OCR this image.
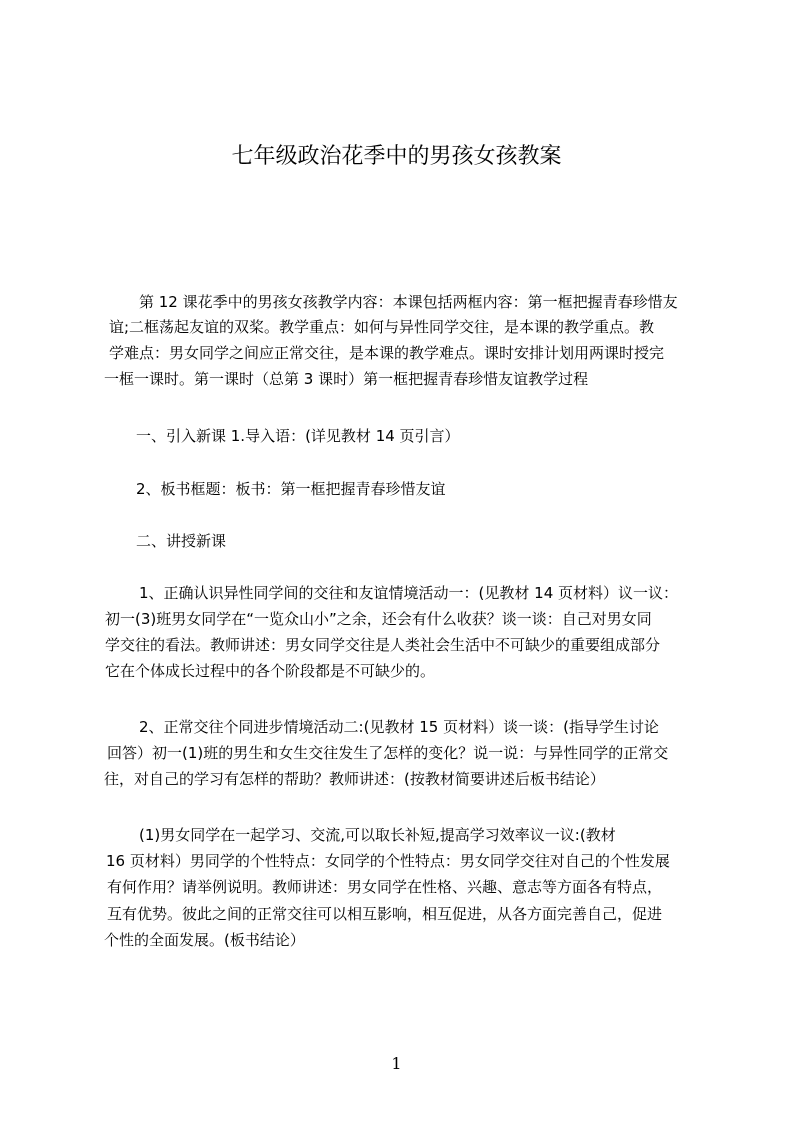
七年级政治花季中的男孩女孩教案

第 12 课花季中的男孩女孩教学内容：本课包括两框内容：第一框把握青春珍惜友

谊;二框荡起友谊的双桨。教学重点：如何与异性同学交往，是本课的教学重点。教

学难点：男女同学之间应正常交往，是本课的教学难点。课时安排计划用两课时授完

一框一课时。第一课时（总第 3 课时）第一框把握青春珍惜友谊教学过程

一、引入新课 1.导入语：(详见教材 14 页引言）

2、板书框题：板书：第一框把握青春珍惜友谊

二、讲授新课

1、正确认识异性同学间的交往和友谊情境活动一：(见教材 14 页材料）议一议：

初一(3)班男女同学在“一览众山小”之余，还会有什么收获？谈一谈：自己对男女同

学交往的看法。教师讲述：男女同学交往是人类社会生活中不可缺少的重要组成部分

它在个体成长过程中的各个阶段都是不可缺少的。

2、正常交往个同进步情境活动二:(见教材 15 页材料）谈一谈：(指导学生讨论

回答）初一(1)班的男生和女生交往发生了怎样的变化？说一说：与异性同学的正常交

往，对自己的学习有怎样的帮助？教师讲述：(按教材简要讲述后板书结论）

(1)男女同学在一起学习、交流,可以取长补短,提高学习效率议一议:(教材

16 页材料）男同学的个性特点：女同学的个性特点：男女同学交往对自己的个性发展

有何作用？请举例说明。教师讲述：男女同学在性格、兴趣、意志等方面各有特点，

互有优势。彼此之间的正常交往可以相互影响，相互促进，从各方面完善自己，促进

个性的全面发展。(板书结论）

1
